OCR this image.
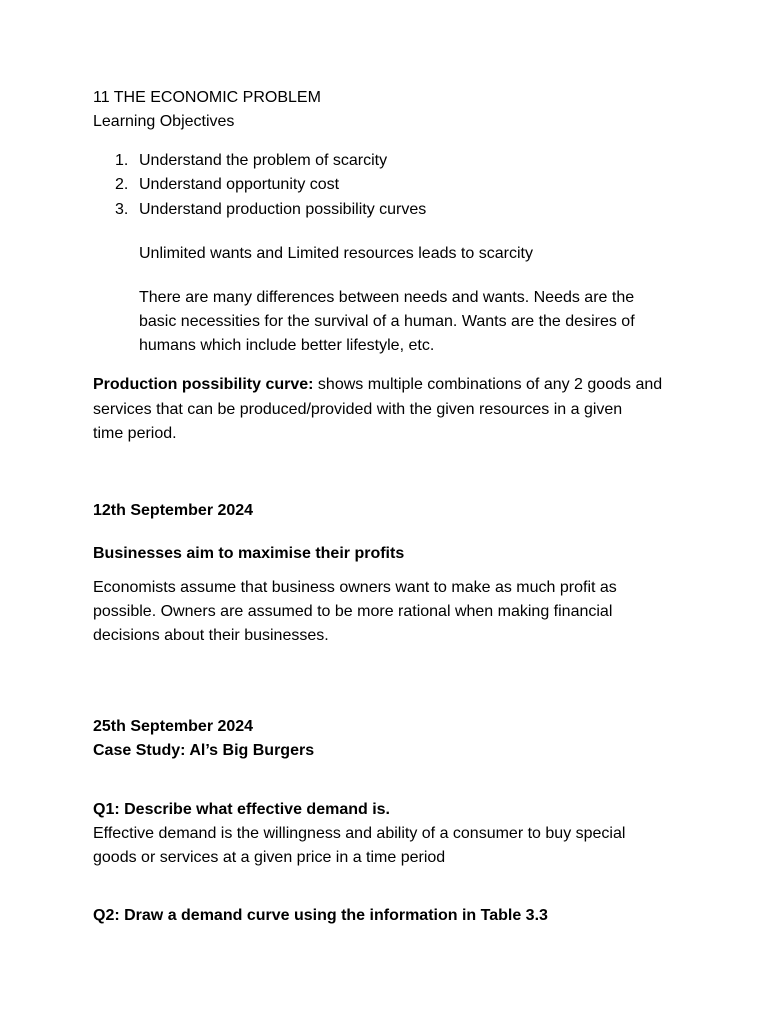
11 THE ECONOMIC PROBLEM
Learning Objectives
1. Understand the problem of scarcity
2. Understand opportunity cost
3. Understand production possibility curves
Unlimited wants and Limited resources leads to scarcity
There are many differences between needs and wants. Needs are the
basic necessities for the survival of a human. Wants are the desires of
humans which include better lifestyle, etc.
Production possibility curve: shows multiple combinations of any 2 goods and
services that can be produced/provided with the given resources in a given
time period.
12th September 2024
Businesses aim to maximise their profits
Economists assume that business owners want to make as much profit as
possible. Owners are assumed to be more rational when making financial
decisions about their businesses.
25th September 2024
Case Study: Al’s Big Burgers
Q1: Describe what effective demand is.
Effective demand is the willingness and ability of a consumer to buy special
goods or services at a given price in a time period
Q2: Draw a demand curve using the information in Table 3.3
